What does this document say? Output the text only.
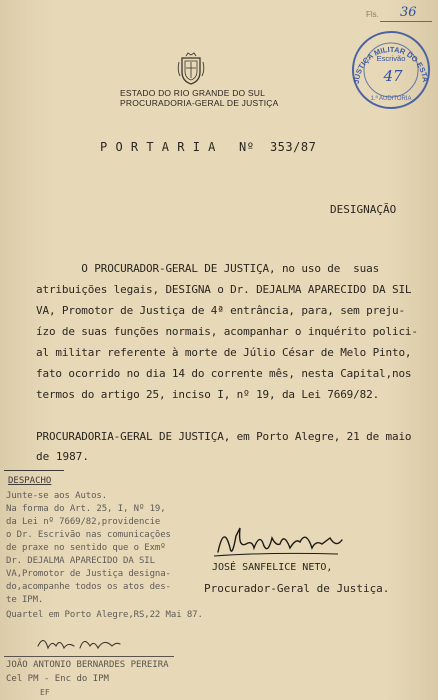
Fls. 36
JUSTIÇA MILITAR DO ESTA
Escrivão
47
1.ª AUDITORIA
ESTADO DO RIO GRANDE DO SUL
PROCURADORIA-GERAL DE JUSTIÇA
P O R T A R I A   Nº  353/87
DESIGNAÇÃO
O PROCURADOR-GERAL DE JUSTIÇA, no uso de  suas
atribuições legais, DESIGNA o Dr. DEJALMA APARECIDO DA SIL
VA, Promotor de Justiça de 4ª entrância, para, sem preju-
ízo de suas funções normais, acompanhar o inquérito polici-
al militar referente à morte de Júlio César de Melo Pinto,
fato ocorrido no dia 14 do corrente mês, nesta Capital,nos
termos do artigo 25, inciso I, nº 19, da Lei 7669/82.
PROCURADORIA-GERAL DE JUSTIÇA, em Porto Alegre, 21 de maio
de 1987.
JOSÉ SANFELICE NETO,
Procurador-Geral de Justiça.
DESPACHO
Junte-se aos Autos.
Na forma do Art. 25, I, Nº 19,
da Lei nº 7669/82,providencie
o Dr. Escrivão nas comunicações
de praxe no sentido que o Exmº
Dr. DEJALMA APARECIDO DA SIL
VA,Promotor de Justiça designa-
do,acompanhe todos os atos des-
te IPM.
Quartel em Porto Alegre,RS,22 Mai 87.
JOÃO ANTONIO BERNARDES PEREIRA
Cel PM - Enc do IPM
EF
